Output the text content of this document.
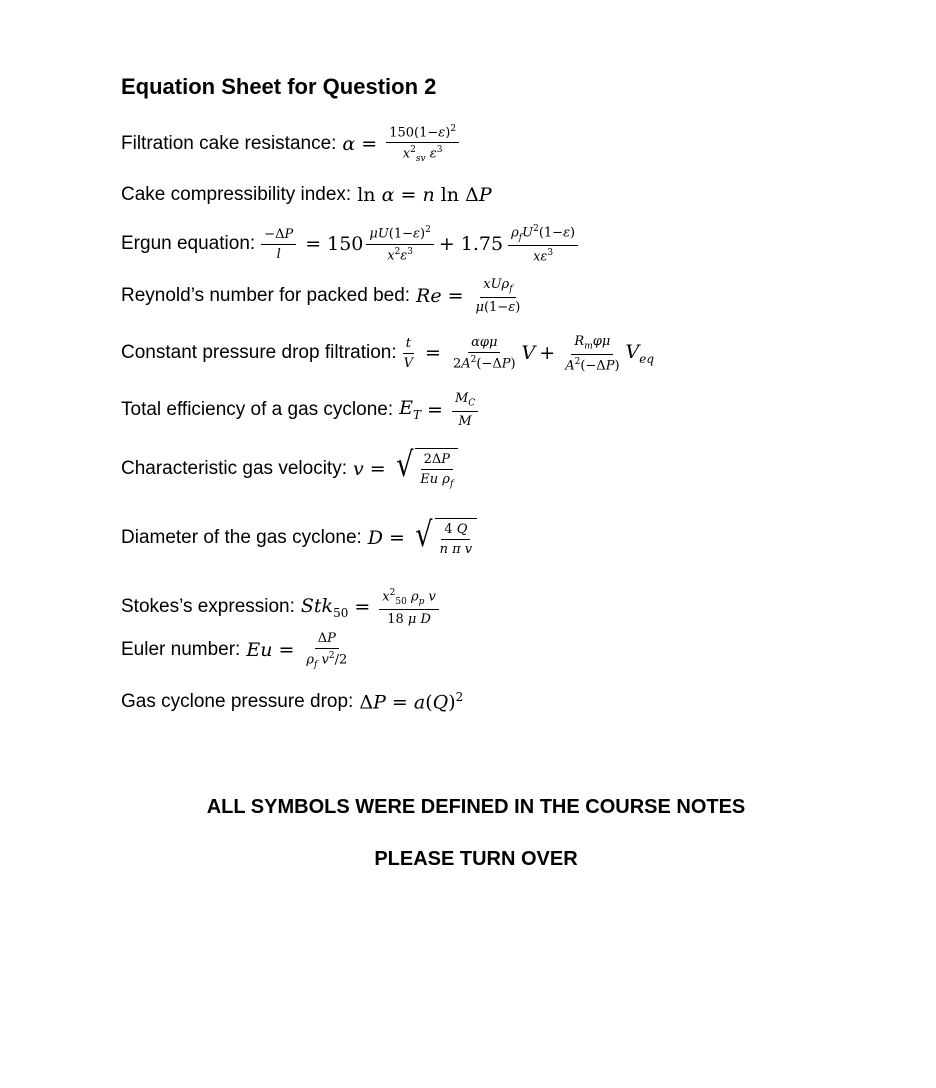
Equation Sheet for Question 2
Filtration cake resistance: $\alpha = \frac{150(1-\varepsilon)^2}{x^2_{sv} \varepsilon^3}$
Cake compressibility index: ln α = n ln ΔP
Ergun equation: $\frac{-\Delta P}{l} = 150 \frac{\mu U(1-\varepsilon)^2}{x^2\varepsilon^3} + 1.75 \frac{\rho_fU^2(1-\varepsilon)}{x\varepsilon^3}$
Reynold’s number for packed bed: $Re = \frac{xU\rho_f}{\mu(1-\varepsilon)}$
Constant pressure drop filtration: $\frac{t}{V} = \frac{\text{αφμ}}{2A^2(-\Delta P)}$ $V + \frac{R_m\varphi\mu}{A^2(-\Delta P)} V_{eq}$
Total efficiency of a gas cyclone: $E_T = \frac{M_C}{M}$
Characteristic gas velocity: v = √ $\frac{2\Delta P}{Eu \rho_f}$
Diameter of the gas cyclone: D = √ $\frac{4 Q}{\text{n π v}}$
Stokes’s expression: $Stk_{50} = \frac{x^2_{50} \rho_p v}{\text{18 μ D}}$
Euler number: $Eu = \frac{\Delta P}{\rho_f v^2/2}$
Gas cyclone pressure drop: $\Delta P = a(Q)^2$
ALL SYMBOLS WERE DEFINED IN THE COURSE NOTES
PLEASE TURN OVER
